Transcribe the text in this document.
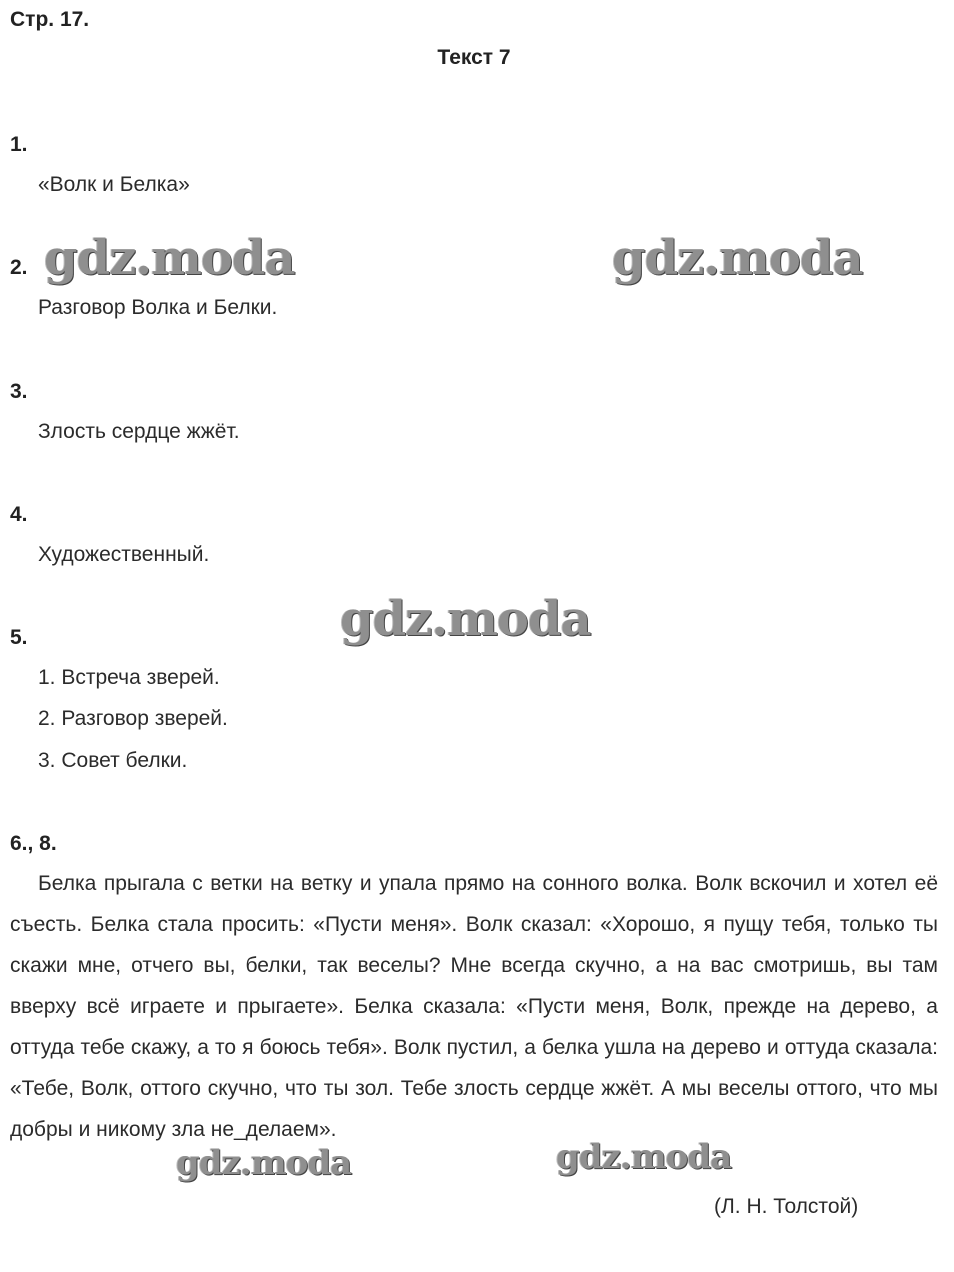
Стр. 17.
Текст 7
1.
«Волк и Белка»
2.
Разговор Волка и Белки.
3.
Злость сердце жжёт.
4.
Художественный.
5.
1. Встреча зверей.
2. Разговор зверей.
3. Совет белки.
6., 8.
Белка прыгала с ветки на ветку и упала прямо на сонного волка. Волк вскочил и хотел её съесть. Белка стала просить: «Пусти меня». Волк сказал: «Хорошо, я пущу тебя, только ты скажи мне, отчего вы, белки, так веселы? Мне всегда скучно, а на вас смотришь, вы там вверху всё играете и прыгаете». Белка сказала: «Пусти меня, Волк, прежде на дерево, а оттуда тебе скажу, а то я боюсь тебя». Волк пустил, а белка ушла на дерево и оттуда сказала: «Тебе, Волк, оттого скучно, что ты зол. Тебе злость сердце жжёт. А мы веселы оттого, что мы добры и никому зла не_делаем».
(Л. Н. Толстой)
gdz.moda	gdz.moda
gdz.moda
gdz.moda	gdz.moda
